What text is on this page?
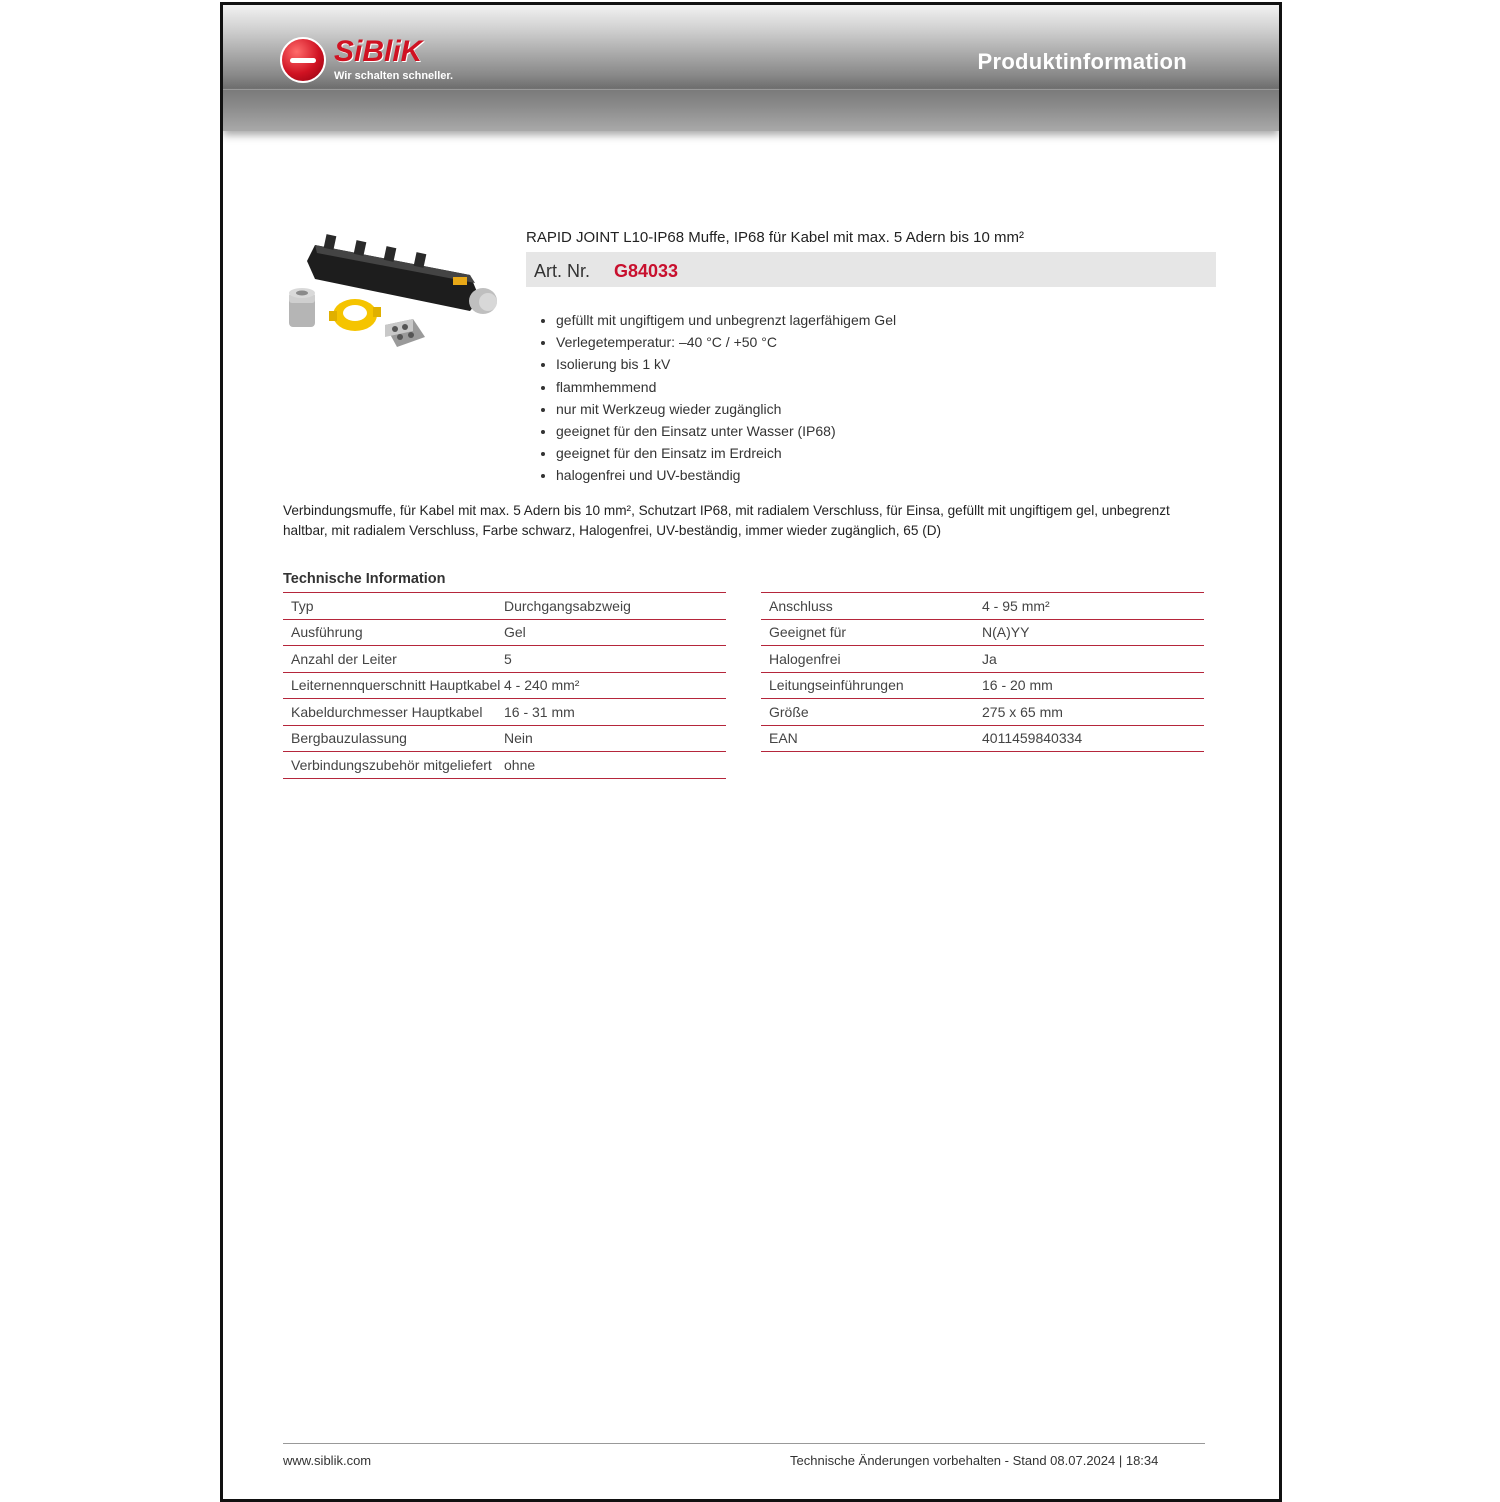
SiBliK
Wir schalten schneller.
Produktinformation
RAPID JOINT L10-IP68 Muffe, IP68 für Kabel mit max. 5 Adern bis 10 mm²
Art. Nr. G84033
• gefüllt mit ungiftigem und unbegrenzt lagerfähigem Gel
• Verlegetemperatur: –40 °C / +50 °C
• Isolierung bis 1 kV
• flammhemmend
• nur mit Werkzeug wieder zugänglich
• geeignet für den Einsatz unter Wasser (IP68)
• geeignet für den Einsatz im Erdreich
• halogenfrei und UV-beständig
Verbindungsmuffe, für Kabel mit max. 5 Adern bis 10 mm², Schutzart IP68, mit radialem Verschluss, für Einsa, gefüllt mit ungiftigem gel, unbegrenzt haltbar, mit radialem Verschluss, Farbe schwarz, Halogenfrei, UV-beständig, immer wieder zugänglich, 65 (D)
Technische Information
Typ	Durchgangsabzweig
Ausführung	Gel
Anzahl der Leiter	5
Leiternennquerschnitt Hauptkabel	4 - 240 mm²
Kabeldurchmesser Hauptkabel	16 - 31 mm
Bergbauzulassung	Nein
Verbindungszubehör mitgeliefert	ohne
Anschluss	4 - 95 mm²
Geeignet für	N(A)YY
Halogenfrei	Ja
Leitungseinführungen	16 - 20 mm
Größe	275 x 65 mm
EAN	4011459840334
www.siblik.com	Technische Änderungen vorbehalten - Stand 08.07.2024 | 18:34
